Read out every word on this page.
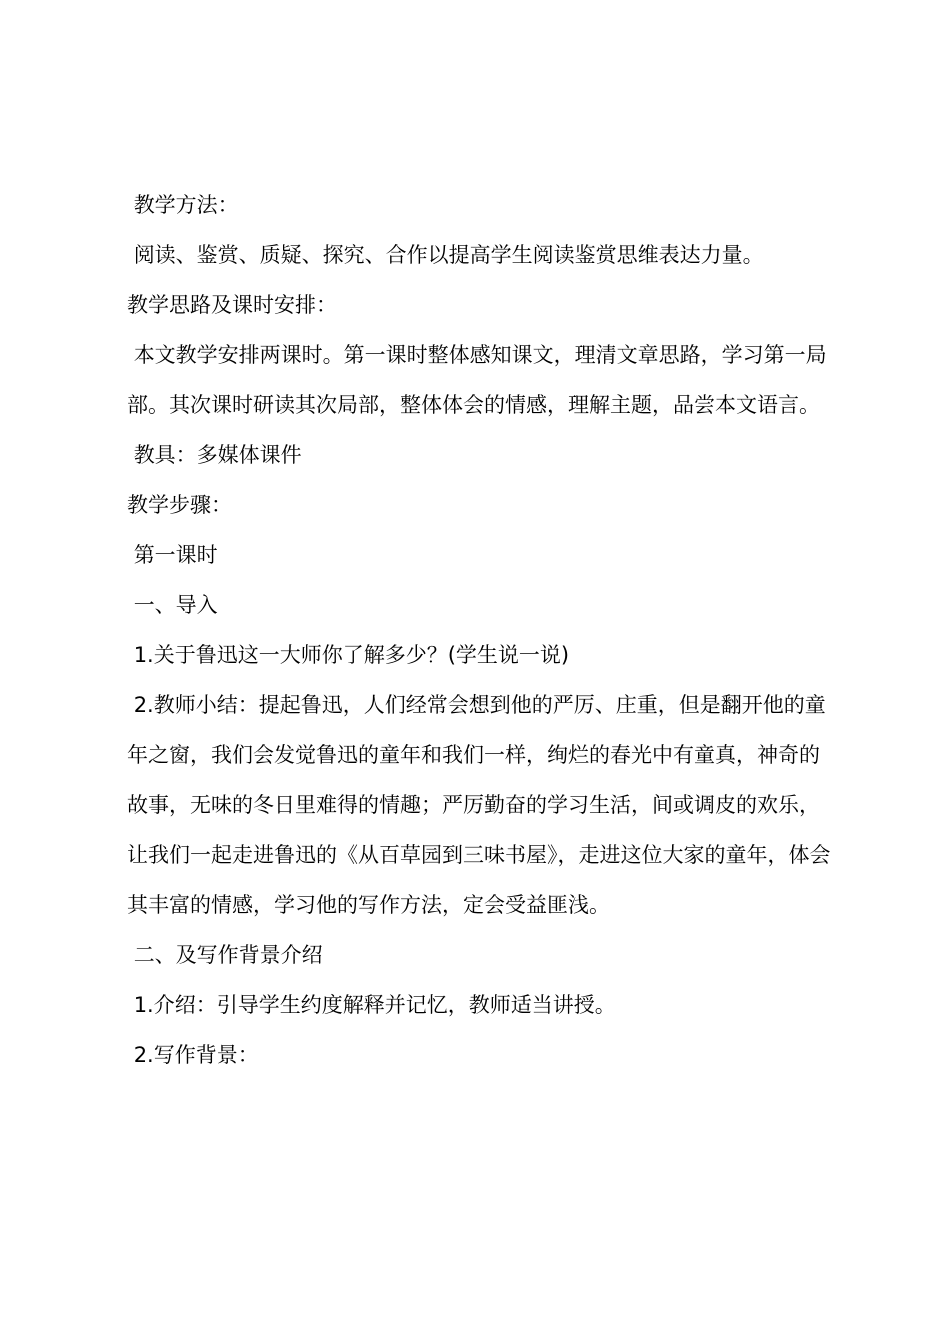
教学方法：

阅读、鉴赏、质疑、探究、合作以提高学生阅读鉴赏思维表达力量。

教学思路及课时安排：

本文教学安排两课时。第一课时整体感知课文，理清文章思路，学习第一局部。其次课时研读其次局部，整体体会的情感，理解主题，品尝本文语言。

教具：多媒体课件

教学步骤：

第一课时

一、导入

1.关于鲁迅这一大师你了解多少？(学生说一说)

2.教师小结：提起鲁迅，人们经常会想到他的严厉、庄重，但是翻开他的童年之窗，我们会发觉鲁迅的童年和我们一样，绚烂的春光中有童真，神奇的故事，无味的冬日里难得的情趣；严厉勤奋的学习生活，间或调皮的欢乐，让我们一起走进鲁迅的《从百草园到三味书屋》，走进这位大家的童年，体会其丰富的情感，学习他的写作方法，定会受益匪浅。

二、及写作背景介绍

1.介绍：引导学生约度解释并记忆，教师适当讲授。

2.写作背景：
